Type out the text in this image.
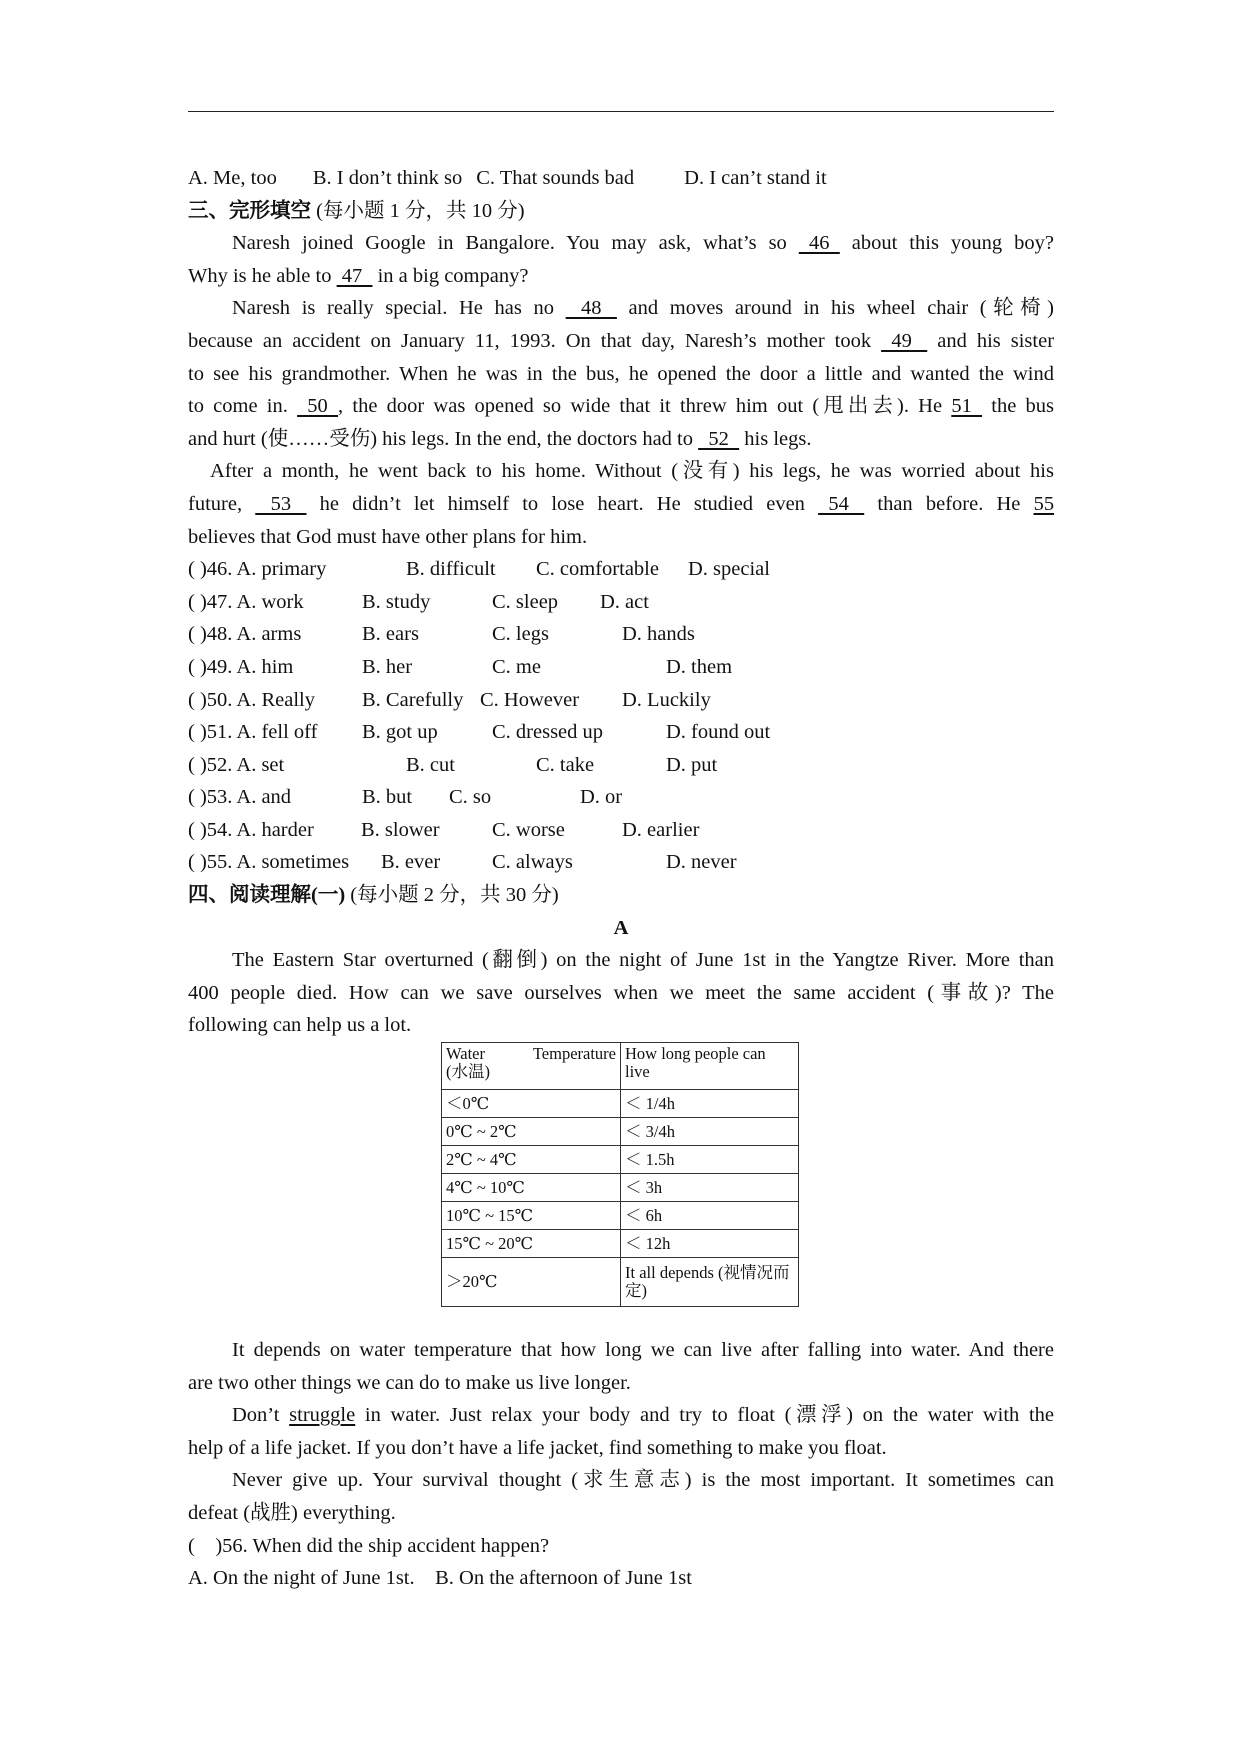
A. Me, too B. I don’t think so C. That sounds bad D. I can’t stand it
三、完形填空 (每小题 1 分，共 10 分)
Naresh joined Google in Bangalore. You may ask, what’s so   46   about this young boy?
Why is he able to  47   in a big company?
Naresh is really special. He has no    48    and moves around in his wheel chair (轮椅)
because an accident on January 11, 1993. On that day, Naresh’s mother took   49    and his sister
to see his grandmother. When he was in the bus, he opened the door a little and wanted the wind
to come in.   50  , the door was opened so wide that it threw him out (甩出去). He 51   the bus
and hurt (使……受伤) his legs. In the end, the doctors had to   52   his legs.
After a month, he went back to his home. Without (没有) his legs, he was worried about his
future,    53    he didn’t let himself to lose heart. He studied even   54    than before. He 55
believes that God must have other plans for him.
( )46. A. primary	B. difficult	C. comfortable	D. special
( )47. A. work	B. study	C. sleep	D. act
( )48. A. arms	B. ears	C. legs	D. hands
( )49. A. him	B. her	C. me	D. them
( )50. A. Really	B. Carefully C. However	D. Luckily
( )51. A. fell off	B. got up	C. dressed up	D. found out
( )52. A. set	B. cut	C. take	D. put
( )53. A. and	B. but	C. so	D. or
( )54. A. harder	B. slower	C. worse	D. earlier
( )55. A. sometimes	B. ever	C. always	D. never
四、阅读理解(一) (每小题 2 分，共 30 分)
A
The Eastern Star overturned (翻倒) on the night of June 1st in the Yangtze River. More than
400 people died. How can we save ourselves when we meet the same accident (事故)? The
following can help us a lot.
Water Temperature
(水温)	How long people can live
＜0℃	＜ 1/4h
0℃ ~ 2℃	＜ 3/4h
2℃ ~ 4℃	＜ 1.5h
4℃ ~ 10℃	＜ 3h
10℃ ~ 15℃	＜ 6h
15℃ ~ 20℃	＜ 12h
＞20℃	It all depends (视情况而定)
It depends on water temperature that how long we can live after falling into water. And there
are two other things we can do to make us live longer.
Don’t struggle in water. Just relax your body and try to float (漂浮) on the water with the
help of a life jacket. If you don’t have a life jacket, find something to make you float.
Never give up. Your survival thought (求生意志) is the most important. It sometimes can
defeat (战胜) everything.
(    )56. When did the ship accident happen?
A. On the night of June 1st.    B. On the afternoon of June 1st
